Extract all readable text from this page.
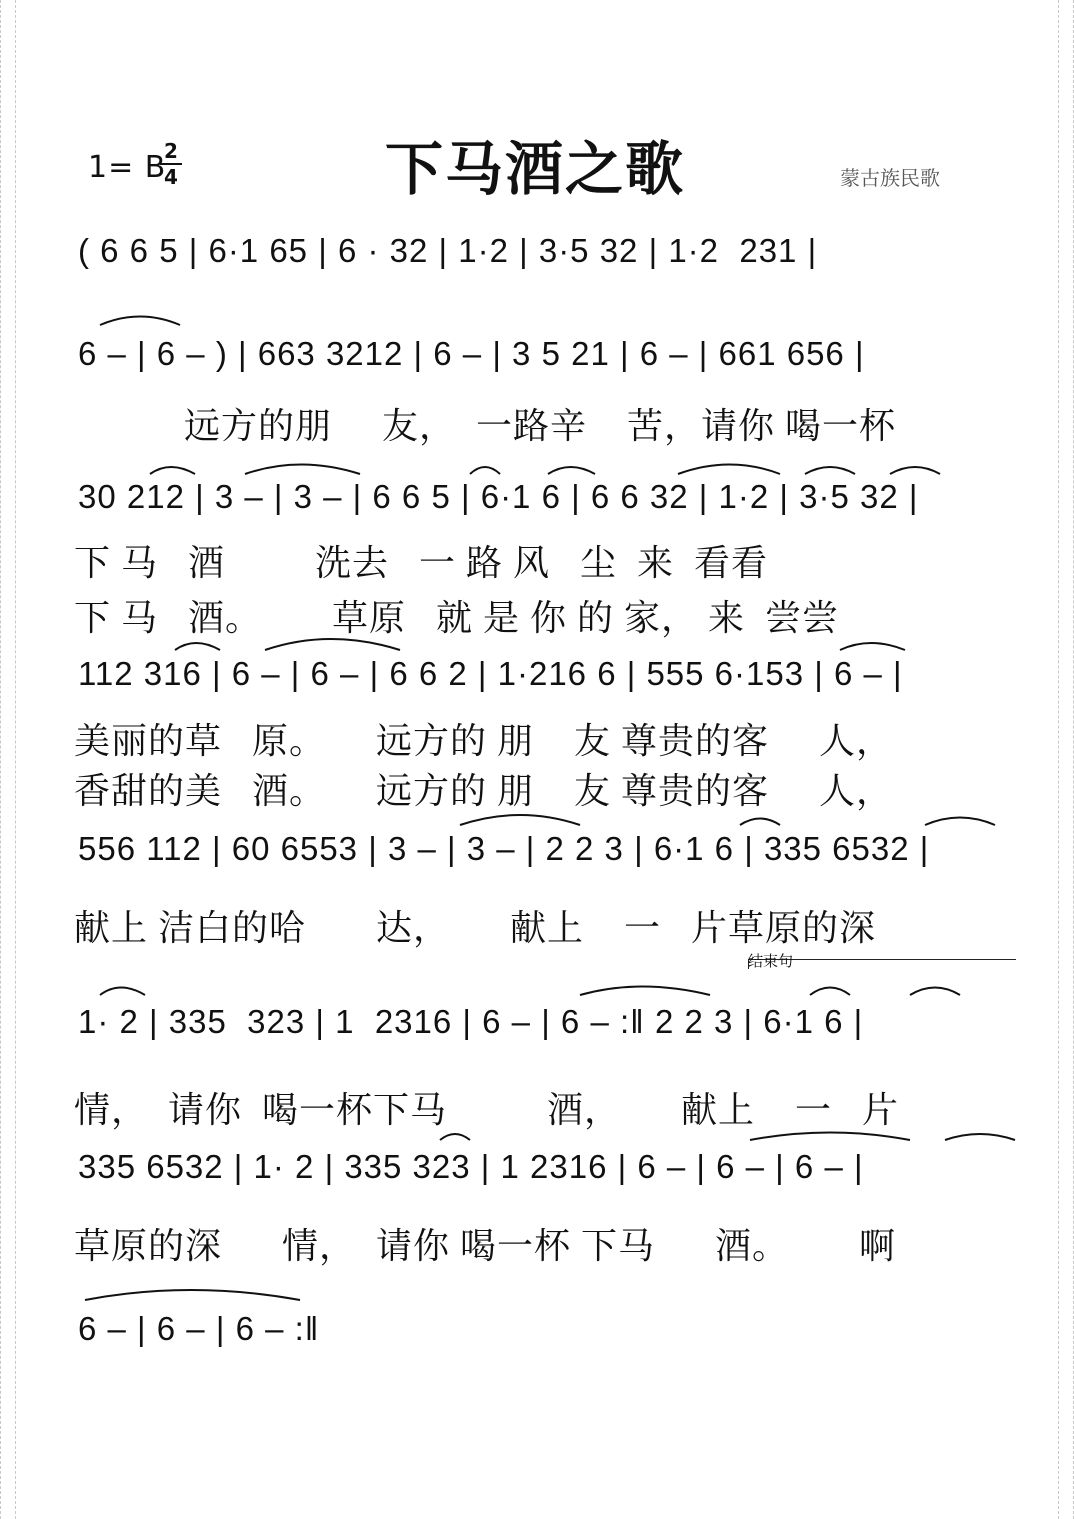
1= B
2
4	下马酒之歌	蒙古族民歌
( 6 6 5 | 6·1 65 | 6 · 32 | 1·2 | 3·5 32 | 1·2  231 |
6 – | 6 – ) | 663 3212 | 6 – | 3 5 21 | 6 – | 661 656 |
远方的朋     友，  一路辛    苦，请你 喝一杯
30 212 | 3 – | 3 – | 6 6 5 | 6·1 6 | 6 6 32 | 1·2 | 3·5 32 |
下 马   酒         洗去   一 路 风   尘  来  看看
下 马   酒。       草原   就 是 你 的 家， 来  尝尝
112 316 | 6 – | 6 – | 6 6 2 | 1·216 6 | 555 6·153 | 6 – |
美丽的草   原。     远方的 朋    友 尊贵的客     人，
香甜的美   酒。     远方的 朋    友 尊贵的客     人，
556 112 | 60 6553 | 3 – | 3 – | 2 2 3 | 6·1 6 | 335 6532 |
献上 洁白的哈       达，      献上    一   片草原的深
结束句
1· 2 | 335  323 | 1  2316 | 6 – | 6 – :‖ 2 2 3 | 6·1 6 |
情，  请你  喝一杯下马          酒，      献上    一   片
335 6532 | 1· 2 | 335 323 | 1 2316 | 6 – | 6 – | 6 – |
草原的深      情，  请你 喝一杯 下马      酒。       啊
6 – | 6 – | 6 – :‖
